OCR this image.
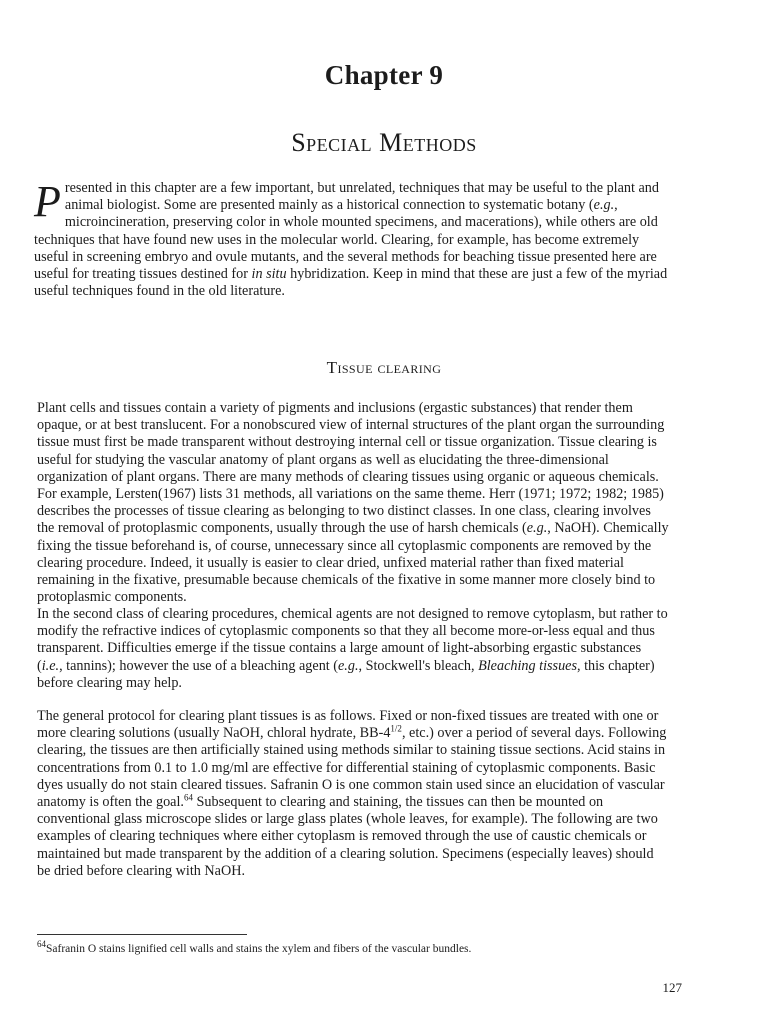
Chapter 9
Special Methods

Presented in this chapter are a few important, but unrelated, techniques that may be useful to the plant and animal biologist. Some are presented mainly as a historical connection to systematic botany (e.g., microincineration, preserving color in whole mounted specimens, and macerations), while others are old techniques that have found new uses in the molecular world. Clearing, for example, has become extremely useful in screening embryo and ovule mutants, and the several methods for beaching tissue presented here are useful for treating tissues destined for in situ hybridization. Keep in mind that these are just a few of the myriad useful techniques found in the old literature.

Tissue clearing

Plant cells and tissues contain a variety of pigments and inclusions (ergastic substances) that render them opaque, or at best translucent. For a nonobscured view of internal structures of the plant organ the surrounding tissue must first be made transparent without destroying internal cell or tissue organization. Tissue clearing is useful for studying the vascular anatomy of plant organs as well as elucidating the three-dimensional organization of plant organs. There are many methods of clearing tissues using organic or aqueous chemicals. For example, Lersten(1967) lists 31 methods, all variations on the same theme. Herr (1971; 1972; 1982; 1985) describes the processes of tissue clearing as belonging to two distinct classes. In one class, clearing involves the removal of protoplasmic components, usually through the use of harsh chemicals (e.g., NaOH). Chemically fixing the tissue beforehand is, of course, unnecessary since all cytoplasmic components are removed by the clearing procedure. Indeed, it usually is easier to clear dried, unfixed material rather than fixed material remaining in the fixative, presumable because chemicals of the fixative in some manner more closely bind to protoplasmic components.

In the second class of clearing procedures, chemical agents are not designed to remove cytoplasm, but rather to modify the refractive indices of cytoplasmic components so that they all become more-or-less equal and thus transparent. Difficulties emerge if the tissue contains a large amount of light-absorbing ergastic substances (i.e., tannins); however the use of a bleaching agent (e.g., Stockwell's bleach, Bleaching tissues, this chapter) before clearing may help.

The general protocol for clearing plant tissues is as follows. Fixed or non-fixed tissues are treated with one or more clearing solutions (usually NaOH, chloral hydrate, $BB-4^{1/2}$, etc.) over a period of several days. Following clearing, the tissues are then artificially stained using methods similar to staining tissue sections. Acid stains in concentrations from 0.1 to 1.0 mg/ml are effective for differential staining of cytoplasmic components. Basic dyes usually do not stain cleared tissues. Safranin O is one common stain used since an elucidation of vascular anatomy is often the goal.$^{64}$ Subsequent to clearing and staining, the tissues can then be mounted on conventional glass microscope slides or large glass plates (whole leaves, for example). The following are two examples of clearing techniques where either cytoplasm is removed through the use of caustic chemicals or maintained but made transparent by the addition of a clearing solution. Specimens (especially leaves) should be dried before clearing with NaOH.

$^{64}$Safranin O stains lignified cell walls and stains the xylem and fibers of the vascular bundles.

127
